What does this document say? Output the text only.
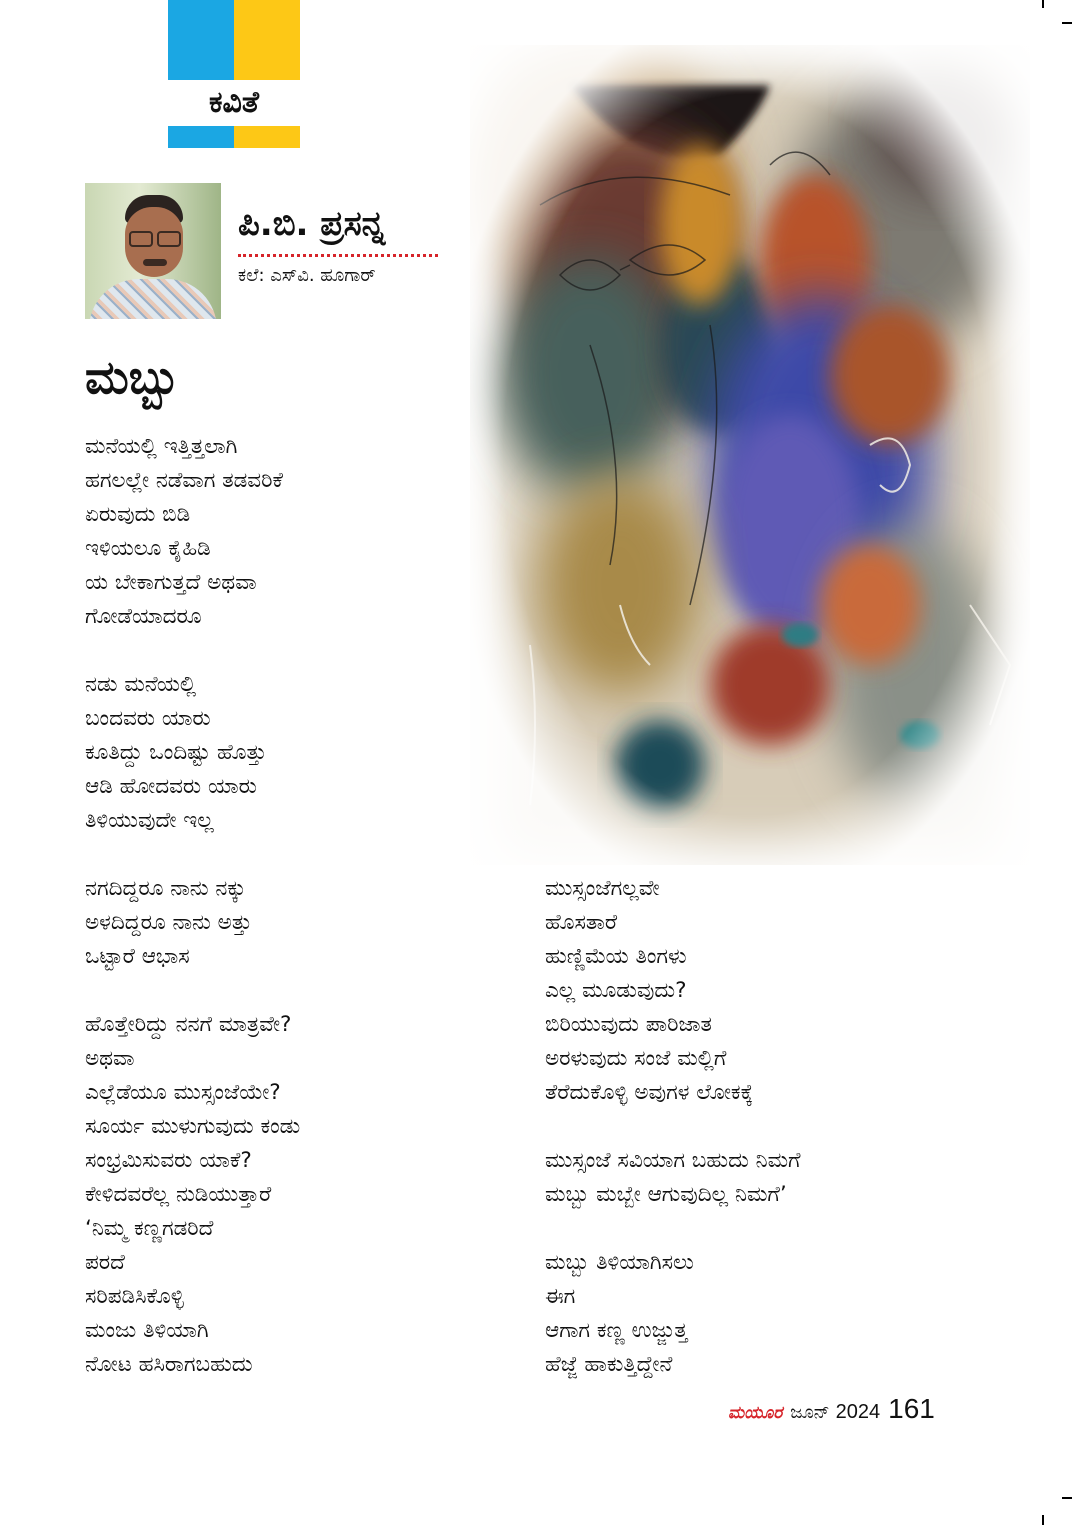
ಕವಿತೆ
ಪಿ.ಬಿ. ಪ್ರಸನ್ನ
ಕಲೆ: ಎಸ್‌ವಿ. ಹೂಗಾರ್
ಮಬ್ಬು
ಮನೆಯಲ್ಲಿ ಇತ್ತಿತ್ತಲಾಗಿ
ಹಗಲಲ್ಲೇ ನಡೆವಾಗ ತಡವರಿಕೆ
ಏರುವುದು ಬಿಡಿ
ಇಳಿಯಲೂ ಕೈಹಿಡಿ
ಯ ಬೇಕಾಗುತ್ತದೆ ಅಥವಾ
ಗೋಡೆಯಾದರೂ
ನಡು ಮನೆಯಲ್ಲಿ
ಬಂದವರು ಯಾರು
ಕೂತಿದ್ದು ಒಂದಿಷ್ಟು ಹೊತ್ತು
ಆಡಿ ಹೋದವರು ಯಾರು
ತಿಳಿಯುವುದೇ ಇಲ್ಲ
ನಗದಿದ್ದರೂ ನಾನು ನಕ್ಕು
ಅಳದಿದ್ದರೂ ನಾನು ಅತ್ತು
ಒಟ್ಟಾರೆ ಆಭಾಸ
ಹೊತ್ತೇರಿದ್ದು ನನಗೆ ಮಾತ್ರವೇ?
ಅಥವಾ
ಎಲ್ಲೆಡೆಯೂ ಮುಸ್ಸಂಜೆಯೇ?
ಸೂರ್ಯ ಮುಳುಗುವುದು ಕಂಡು
ಸಂಭ್ರಮಿಸುವರು ಯಾಕೆ?
ಕೇಳಿದವರೆಲ್ಲ ನುಡಿಯುತ್ತಾರೆ
‘ನಿಮ್ಮ ಕಣ್ಣಗಡರಿದೆ
ಪರದೆ
ಸರಿಪಡಿಸಿಕೊಳ್ಳಿ
ಮಂಜು ತಿಳಿಯಾಗಿ
ನೋಟ ಹಸಿರಾಗಬಹುದು
ಮುಸ್ಸಂಜೆಗಲ್ಲವೇ
ಹೊಸತಾರೆ
ಹುಣ್ಣಿಮೆಯ ತಿಂಗಳು
ಎಲ್ಲ ಮೂಡುವುದು?
ಬಿರಿಯುವುದು ಪಾರಿಜಾತ
ಅರಳುವುದು ಸಂಜೆ ಮಲ್ಲಿಗೆ
ತೆರೆದುಕೊಳ್ಳಿ ಅವುಗಳ ಲೋಕಕ್ಕೆ
ಮುಸ್ಸಂಜೆ ಸವಿಯಾಗ ಬಹುದು ನಿಮಗೆ
ಮಬ್ಬು ಮಬ್ಬೇ ಆಗುವುದಿಲ್ಲ ನಿಮಗೆ’
ಮಬ್ಬು ತಿಳಿಯಾಗಿಸಲು
ಈಗ
ಆಗಾಗ ಕಣ್ಣ ಉಜ್ಜುತ್ತ
ಹೆಜ್ಜೆ ಹಾಕುತ್ತಿದ್ದೇನೆ
ಮಯೂರ ಜೂನ್ 2024 161
